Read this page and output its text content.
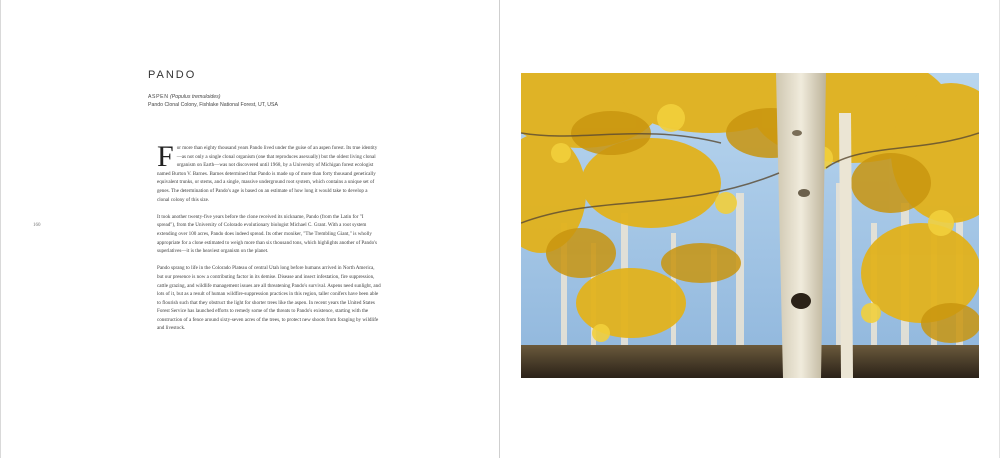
PANDO
ASPEN (Populus tremuloides)
Pando Clonal Colony, Fishlake National Forest, UT, USA
160

For more than eighty thousand years Pando lived under the guise of an aspen forest. Its true identity—as not only a single clonal organism (one that reproduces asexually) but the oldest living clonal organism on Earth—was not discovered until 1968, by a University of Michigan forest ecologist named Burton V. Barnes. Barnes determined that Pando is made up of more than forty thousand genetically equivalent trunks, or stems, and a single, massive underground root system, which contains a unique set of genes. The determination of Pando's age is based on an estimate of how long it would take to develop a clonal colony of this size.

It took another twenty-five years before the clone received its nickname, Pando (from the Latin for "I spread"), from the University of Colorado evolutionary biologist Michael C. Grant. With a root system extending over 100 acres, Pando does indeed spread. Its other moniker, "The Trembling Giant," is wholly appropriate for a clone estimated to weigh more than six thousand tons, which highlights another of Pando's superlatives—it is the heaviest organism on the planet.

Pando sprang to life in the Colorado Plateau of central Utah long before humans arrived in North America, but our presence is now a contributing factor in its demise. Disease and insect infestation, fire suppression, cattle grazing, and wildlife management issues are all threatening Pando's survival. Aspens need sunlight, and lots of it, but as a result of human wildfire-suppression practices in this region, taller conifers have been able to flourish such that they obstruct the light for shorter trees like the aspen. In recent years the United States Forest Service has launched efforts to remedy some of the threats to Pando's existence, starting with the construction of a fence around sixty-seven acres of the trees, to protect new shoots from foraging by wildlife and livestock.
